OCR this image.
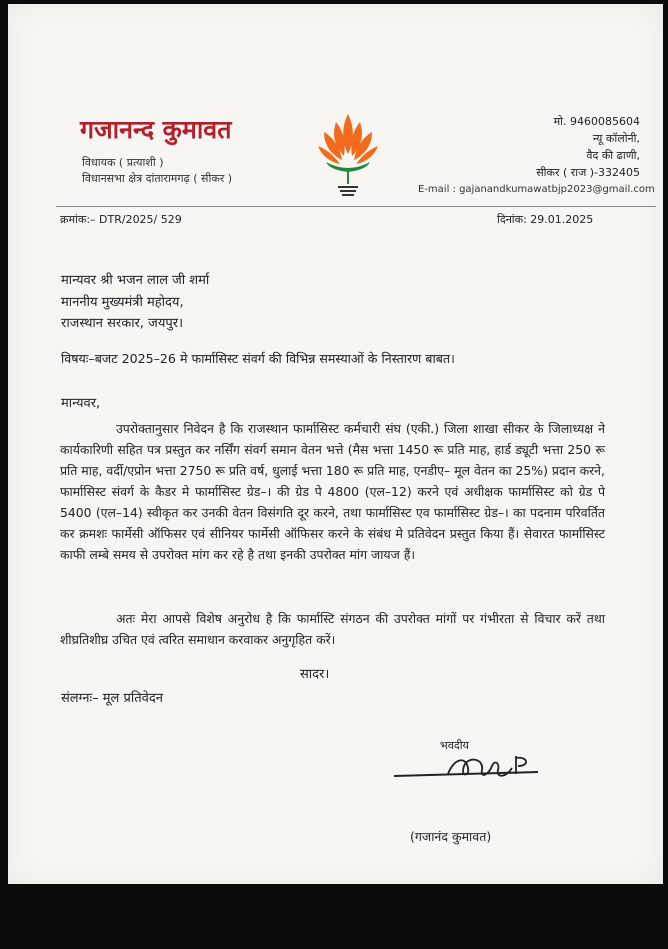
गजानन्द कुमावत
विधायक ( प्रत्याशी )
विधानसभा क्षेत्र दांतारामगढ़ ( सीकर )
मो. 9460085604
न्यू कॉलोनी,
वैद की ढाणी,
सीकर ( राज )-332405
E-mail : gajanandkumawatbjp2023@gmail.com
क्रमांक:– DTR/2025/ 529	दिनांक: 29.01.2025
मान्यवर श्री भजन लाल जी शर्मा
माननीय मुख्यमंत्री महोदय,
राजस्थान सरकार, जयपुर।
विषयः–बजट 2025–26 मे फार्मासिस्ट संवर्ग की विभिन्न समस्याओं के निस्तारण बाबत।
मान्यवर,
उपरोक्तानुसार निवेदन है कि राजस्थान फार्मासिस्ट कर्मचारी संघ (एकी.) जिला शाखा सीकर के जिलाध्यक्ष ने कार्यकारिणी सहित पत्र प्रस्तुत कर नर्सिंग संवर्ग समान वेतन भत्ते (मैस भत्ता 1450 रू प्रति माह, हार्ड ड्यूटी भत्ता 250 रू प्रति माह, वर्दी/एप्रोन भत्ता 2750 रू प्रति वर्ष, धुलाई भत्ता 180 रू प्रति माह, एनडीए– मूल वेतन का 25%) प्रदान करने, फार्मासिस्ट संवर्ग के कैडर मे फार्मासिस्ट ग्रेड–। की ग्रेड पे 4800 (एल–12) करने एवं अधीक्षक फार्मासिस्ट को ग्रेड पे 5400 (एल–14) स्वीकृत कर उनकी वेतन विसंगति दूर करने, तथा फार्मासिस्ट एव फार्मासिस्ट ग्रेड–। का पदनाम परिवर्तित कर क्रमशः फार्मेसी ऑफिसर एवं सीनियर फार्मेसी ऑफिसर करने के संबंध मे प्रतिवेदन प्रस्तुत किया हैं। सेवारत फार्मासिस्ट काफी लम्बे समय से उपरोक्त मांग कर रहे है तथा इनकी उपरोक्त मांग जायज हैं।
अतः मेरा आपसे विशेष अनुरोध है कि फार्मास्टि संगठन की उपरोक्त मांगों पर गंभीरता से विचार करें तथा शीघ्रतिशीघ्र उचित एवं त्वरित समाधान करवाकर अनुगृहित करें।
सादर।
संलग्नः– मूल प्रतिवेदन
भवदीय
(गजानंद कुमावत)
